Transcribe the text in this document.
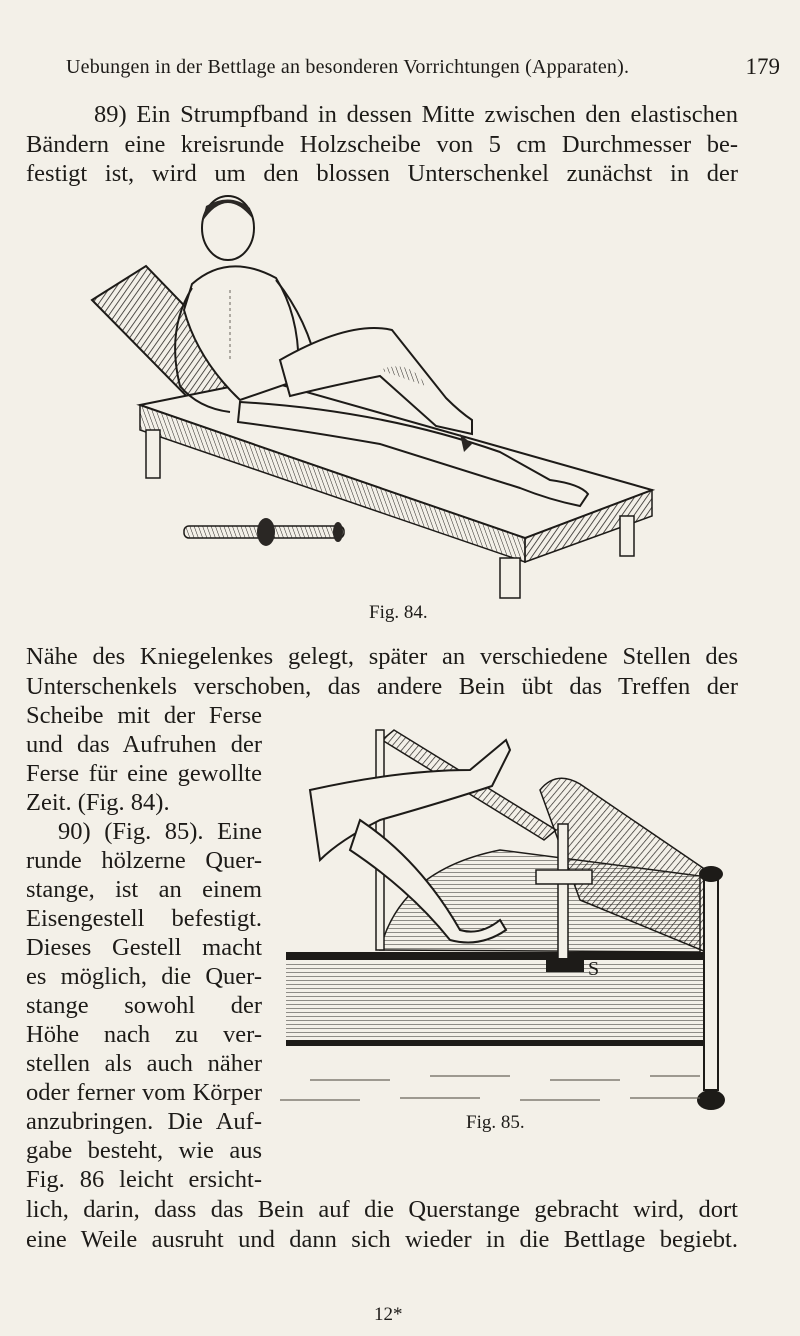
Uebungen in der Bettlage an besonderen Vorrichtungen (Apparaten).	179
89) Ein Strumpfband in dessen Mitte zwischen den elastischen
Bändern eine kreisrunde Holzscheibe von 5 cm Durchmesser be-
festigt ist, wird um den blossen Unterschenkel zunächst in der
Fig. 84.
Nähe des Kniegelenkes gelegt, später an verschiedene Stellen des
Unterschenkels verschoben, das andere Bein übt das Treffen der
Scheibe mit der Ferse
und das Aufruhen der
Ferse für eine gewollte
Zeit. (Fig. 84).
90) (Fig. 85). Eine
runde hölzerne Quer-
stange, ist an einem
Eisengestell befestigt.
Dieses Gestell macht
es möglich, die Quer-
stange sowohl der
Höhe nach zu ver-
stellen als auch näher
oder ferner vom Körper
anzubringen. Die Auf-
gabe besteht, wie aus
Fig. 86 leicht ersicht-
S
Fig. 85.
lich, darin, dass das Bein auf die Querstange gebracht wird, dort
eine Weile ausruht und dann sich wieder in die Bettlage begiebt.
12*
